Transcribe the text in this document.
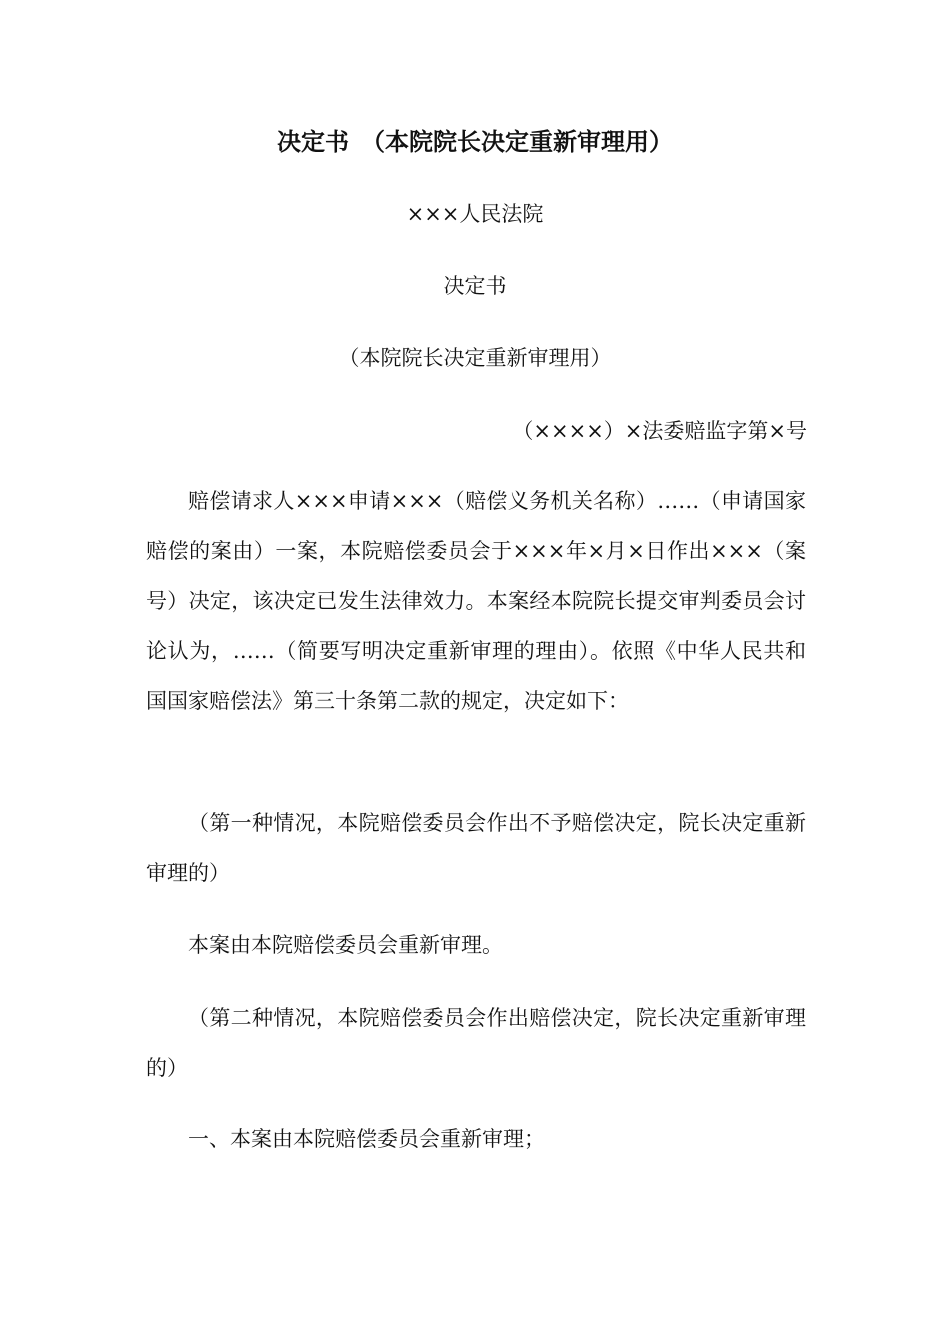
决定书　（本院院长决定重新审理用）
×××人民法院
决定书
（本院院长决定重新审理用）
（××××）×法委赔监字第×号
赔偿请求人×××申请×××（赔偿义务机关名称）……（申请国家赔偿的案由）一案，本院赔偿委员会于×××年×月×日作出×××（案号）决定，该决定已发生法律效力。本案经本院院长提交审判委员会讨论认为，……（简要写明决定重新审理的理由）。依照《中华人民共和国国家赔偿法》第三十条第二款的规定，决定如下：
（第一种情况，本院赔偿委员会作出不予赔偿决定，院长决定重新审理的）
本案由本院赔偿委员会重新审理。
（第二种情况，本院赔偿委员会作出赔偿决定，院长决定重新审理的）
一、本案由本院赔偿委员会重新审理；
